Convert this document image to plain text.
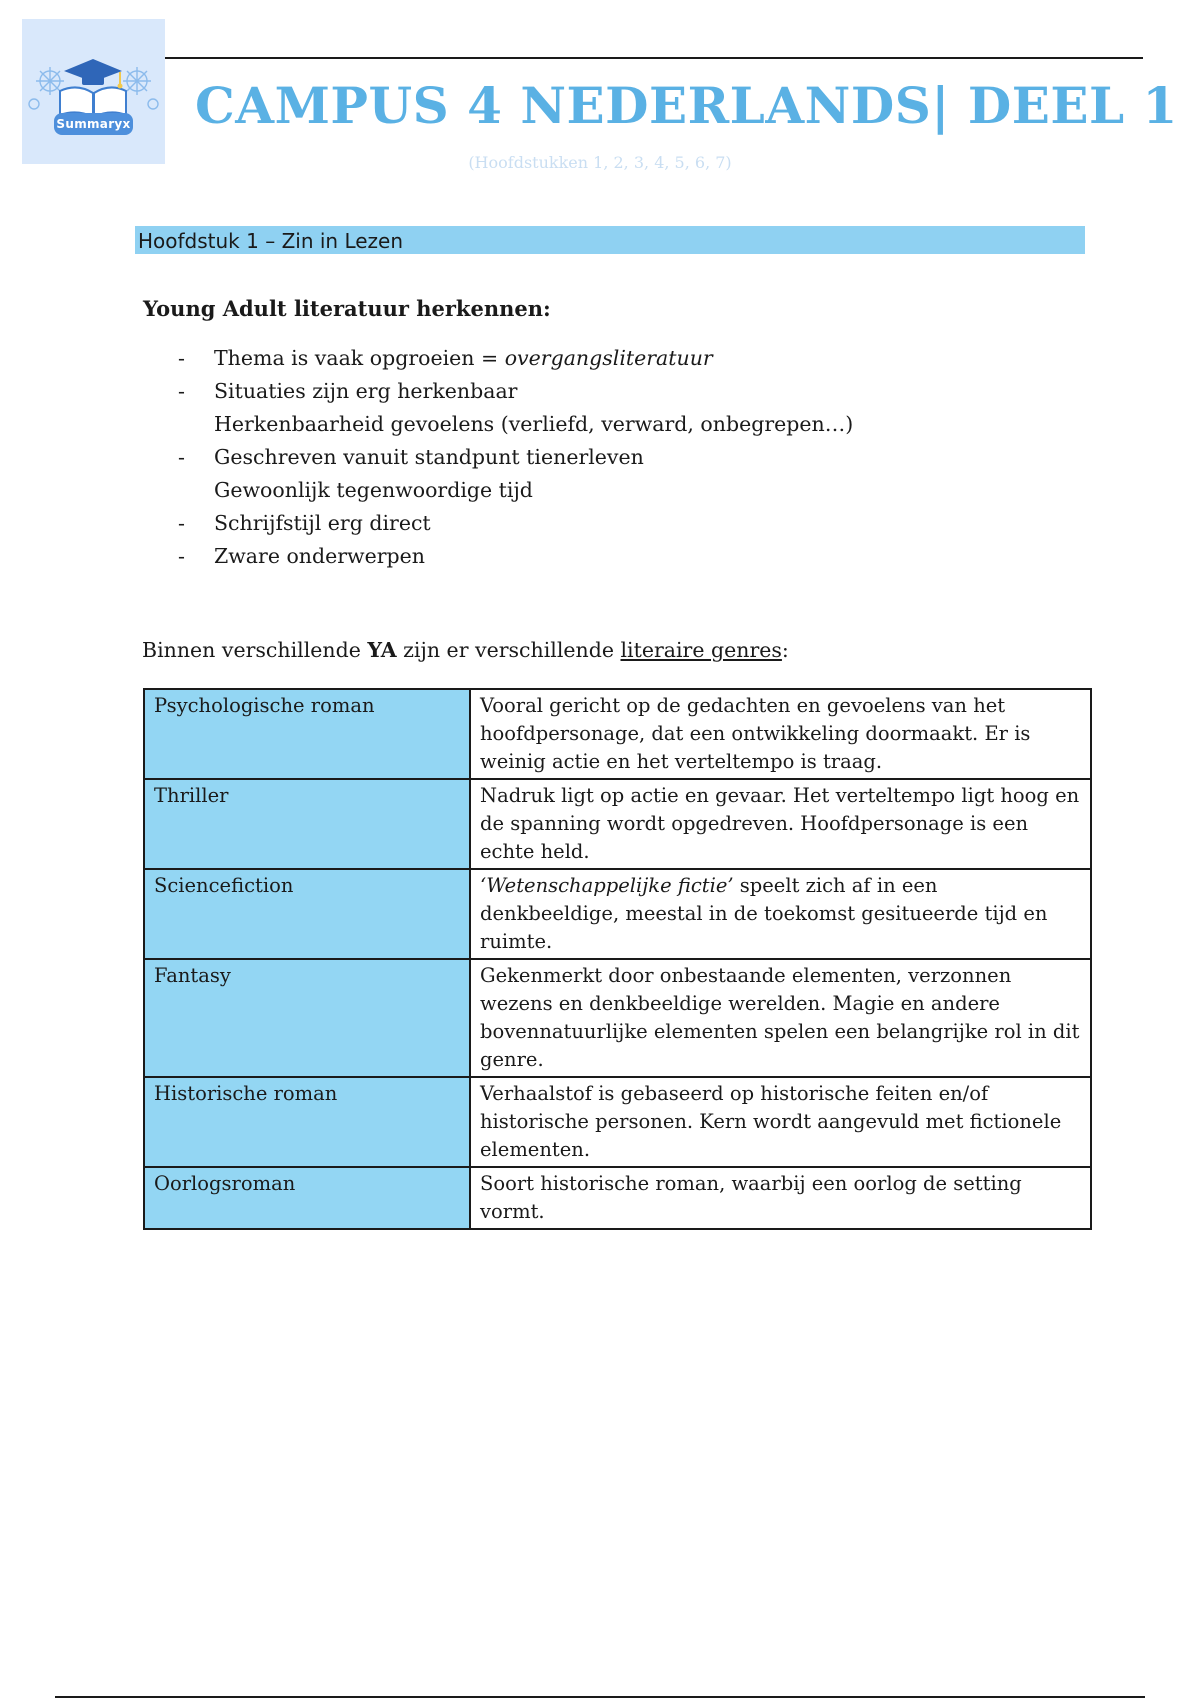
Summaryx	CAMPUS 4 NEDERLANDS| DEEL 1
(Hoofdstukken 1, 2, 3, 4, 5, 6, 7)
Hoofdstuk 1 – Zin in Lezen
Young Adult literatuur herkennen:
- Thema is vaak opgroeien = overgangsliteratuur
- Situaties zijn erg herkenbaar
Herkenbaarheid gevoelens (verliefd, verward, onbegrepen…)
- Geschreven vanuit standpunt tienerleven
Gewoonlijk tegenwoordige tijd
- Schrijfstijl erg direct
- Zware onderwerpen

Binnen verschillende YA zijn er verschillende literaire genres:

Psychologische roman	Vooral gericht op de gedachten en gevoelens van het hoofdpersonage, dat een ontwikkeling doormaakt. Er is weinig actie en het verteltempo is traag.
Thriller	Nadruk ligt op actie en gevaar. Het verteltempo ligt hoog en de spanning wordt opgedreven. Hoofdpersonage is een echte held.
Sciencefiction	‘Wetenschappelijke fictie’ speelt zich af in een denkbeeldige, meestal in de toekomst gesitueerde tijd en ruimte.
Fantasy	Gekenmerkt door onbestaande elementen, verzonnen wezens en denkbeeldige werelden. Magie en andere bovennatuurlijke elementen spelen een belangrijke rol in dit genre.
Historische roman	Verhaalstof is gebaseerd op historische feiten en/of historische personen. Kern wordt aangevuld met fictionele elementen.
Oorlogsroman	Soort historische roman, waarbij een oorlog de setting vormt.
